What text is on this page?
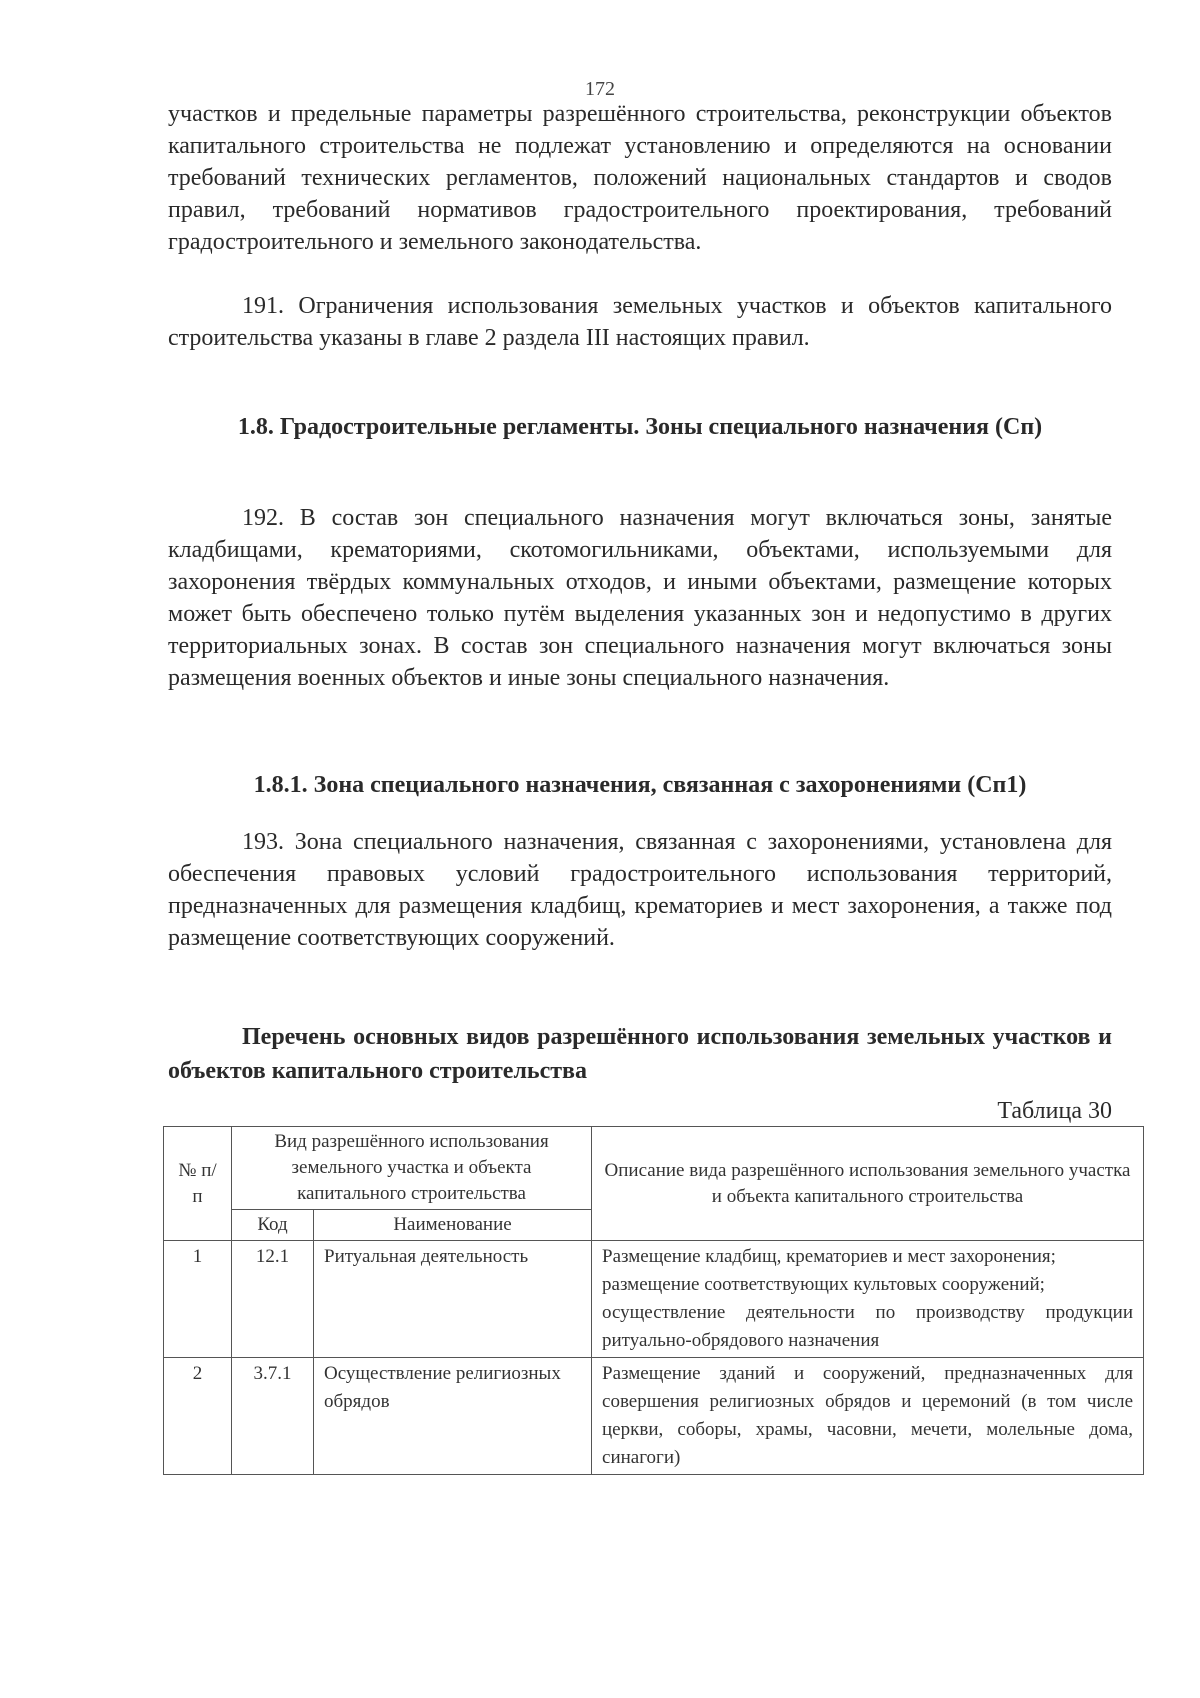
172

участков и предельные параметры разрешённого строительства, реконструкции объектов капитального строительства не подлежат установлению и определяются на основании требований технических регламентов, положений национальных стандартов и сводов правил, требований нормативов градостроительного проектирования, требований градостроительного и земельного законодательства.

191. Ограничения использования земельных участков и объектов капитального строительства указаны в главе 2 раздела III настоящих правил.

1.8. Градостроительные регламенты. Зоны специального назначения (Сп)

192. В состав зон специального назначения могут включаться зоны, занятые кладбищами, крематориями, скотомогильниками, объектами, используемыми для захоронения твёрдых коммунальных отходов, и иными объектами, размещение которых может быть обеспечено только путём выделения указанных зон и недопустимо в других территориальных зонах. В состав зон специального назначения могут включаться зоны размещения военных объектов и иные зоны специального назначения.

1.8.1. Зона специального назначения, связанная с захоронениями (Сп1)

193. Зона специального назначения, связанная с захоронениями, установлена для обеспечения правовых условий градостроительного использования территорий, предназначенных для размещения кладбищ, крематориев и мест захоронения, а также под размещение соответствующих сооружений.

Перечень основных видов разрешённого использования земельных участков и объектов капитального строительства
Таблица 30
№ п/п	Вид разрешённого использования земельного участка и объекта капитального строительства		Описание вида разрешённого использования земельного участка и объекта капитального строительства
	Код	Наименование	
1	12.1	Ритуальная деятельность	Размещение кладбищ, крематориев и мест захоронения;
размещение соответствующих культовых сооружений;
осуществление деятельности по производству продукции ритуально-обрядового назначения

2	3.7.1	Осуществление религиозных обрядов	Размещение зданий и сооружений, предназначенных для совершения религиозных обрядов и церемоний (в том числе церкви, соборы, храмы, часовни, мечети, молельные дома, синагоги)
